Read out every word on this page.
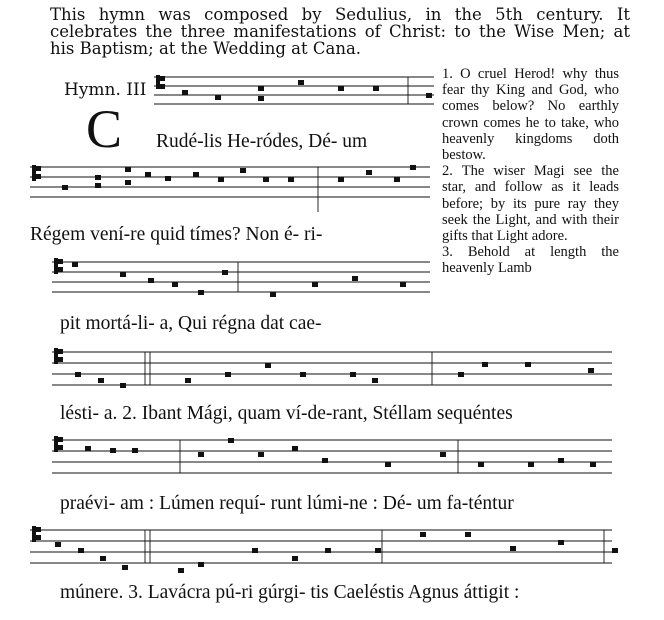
This hymn was composed by Sedulius, in the 5th century. It celebrates the three manifestations of Christ: to the Wise Men; at his Baptism; at the Wedding at Cana.
Hymn. III
C Rudé-lis He-ródes, Dé- um
Régem vení-re quid tímes? Non é- ri-
pit mortá-li- a, Qui régna dat cae-
lésti- a. 2. Ibant Mági, quam ví-de-rant, Stéllam sequéntes
praévi- am : Lúmen requí- runt lúmi-ne : Dé- um fa-téntur
múnere. 3. Lavácra pú-ri gúrgi- tis Caeléstis Agnus áttigit :

1. O cruel Herod! why thus fear thy King and God, who comes below? No earthly crown comes he to take, who heavenly kingdoms doth bestow.

2. The wiser Magi see the star, and follow as it leads before; by its pure ray they seek the Light, and with their gifts that Light adore.

3. Behold at length the heavenly Lamb
